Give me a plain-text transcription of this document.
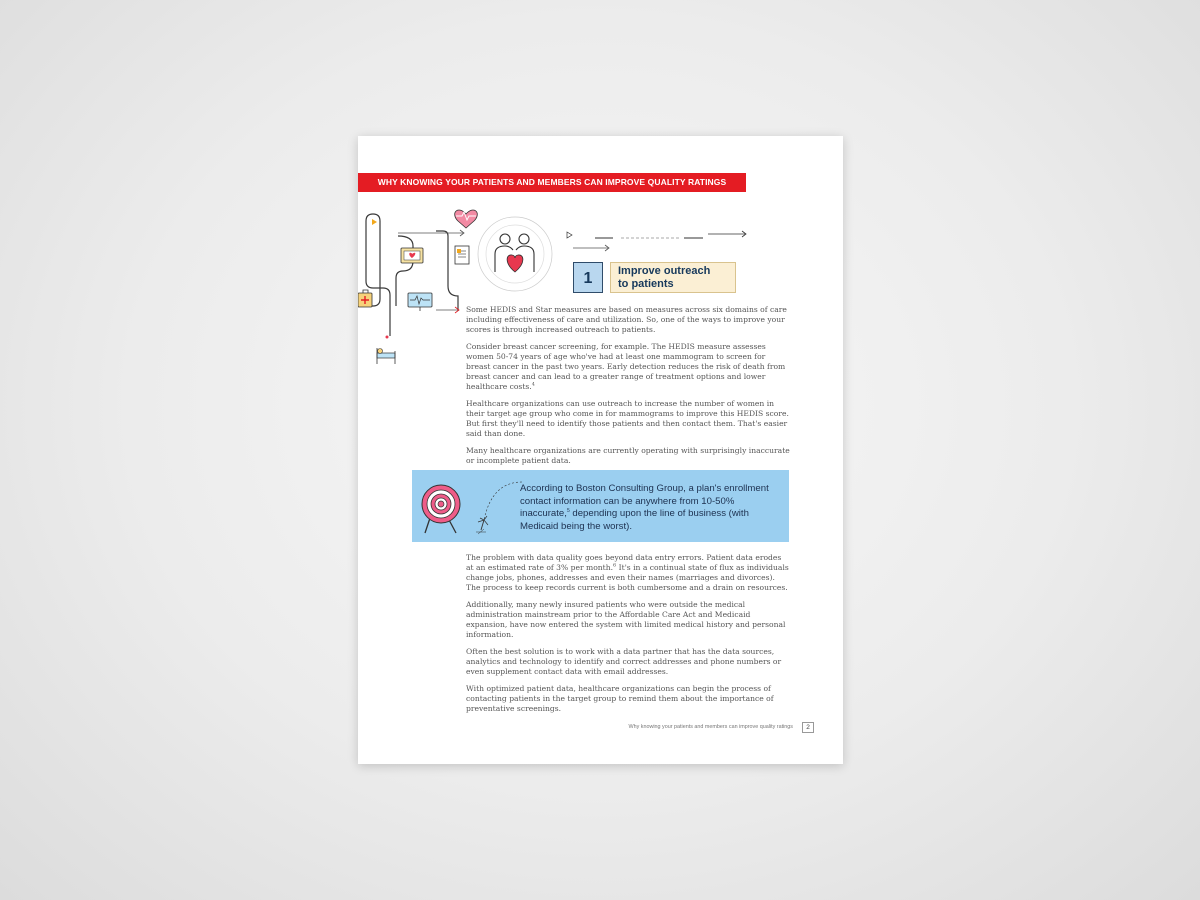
WHY KNOWING YOUR PATIENTS AND MEMBERS CAN IMPROVE QUALITY RATINGS
1	Improve outreach
to patients

Some HEDIS and Star measures are based on measures across six domains of care including effectiveness of care and utilization. So, one of the ways to improve your scores is through increased outreach to patients.

Consider breast cancer screening, for example. The HEDIS measure assesses women 50-74 years of age who've had at least one mammogram to screen for breast cancer in the past two years. Early detection reduces the risk of death from breast cancer and can lead to a greater range of treatment options and lower healthcare costs.$^4$

Healthcare organizations can use outreach to increase the number of women in their target age group who come in for mammograms to improve this HEDIS score. But first they'll need to identify those patients and then contact them. That's easier said than done.

Many healthcare organizations are currently operating with surprisingly inaccurate or incomplete patient data.

According to Boston Consulting Group, a plan's enrollment contact information can be anywhere from 10-50% inaccurate,$^5$ depending upon the line of business (with Medicaid being the worst).

The problem with data quality goes beyond data entry errors. Patient data erodes at an estimated rate of 3% per month.$^6$ It's in a continual state of flux as individuals change jobs, phones, addresses and even their names (marriages and divorces). The process to keep records current is both cumbersome and a drain on resources.

Additionally, many newly insured patients who were outside the medical administration mainstream prior to the Affordable Care Act and Medicaid expansion, have now entered the system with limited medical history and personal information.

Often the best solution is to work with a data partner that has the data sources, analytics and technology to identify and correct addresses and phone numbers or even supplement contact data with email addresses.

With optimized patient data, healthcare organizations can begin the process of contacting patients in the target group to remind them about the importance of preventative screenings.

Why knowing your patients and members can improve quality ratings	2
